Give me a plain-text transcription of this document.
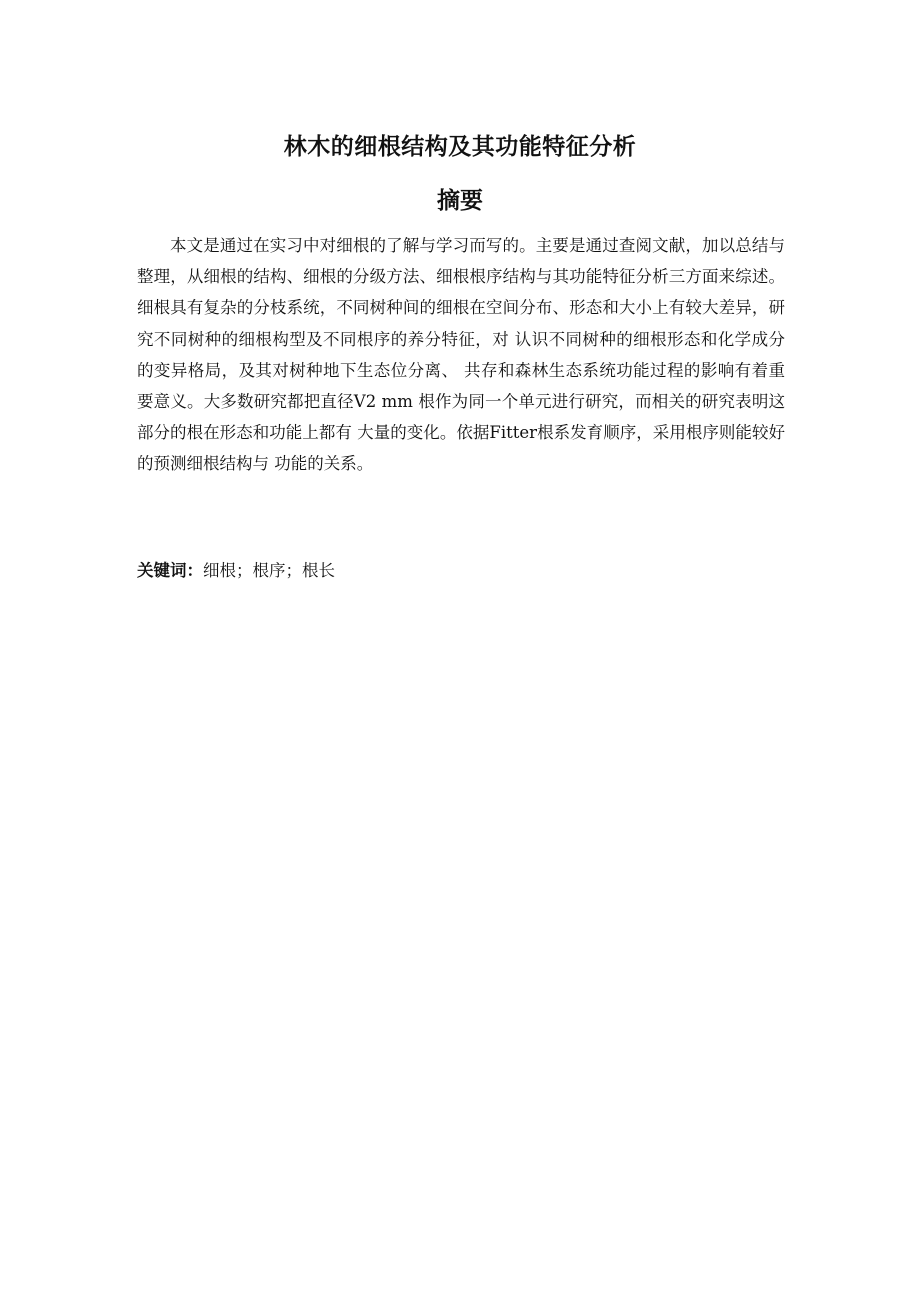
林木的细根结构及其功能特征分析
摘要

本文是通过在实习中对细根的了解与学习而写的。主要是通过查阅文献，加以总结与整理，从细根的结构、细根的分级方法、细根根序结构与其功能特征分析三方面来综述。细根具有复杂的分枝系统，不同树种间的细根在空间分布、形态和大小上有较大差异，研究不同树种的细根构型及不同根序的养分特征，对 认识不同树种的细根形态和化学成分的变异格局，及其对树种地下生态位分离、 共存和森林生态系统功能过程的影响有着重要意义。大多数研究都把直径V2 mm 根作为同一个单元进行研究，而相关的研究表明这部分的根在形态和功能上都有 大量的变化。依据Fitter根系发育顺序，采用根序则能较好的预测细根结构与 功能的关系。

关键词：细根；根序；根长
